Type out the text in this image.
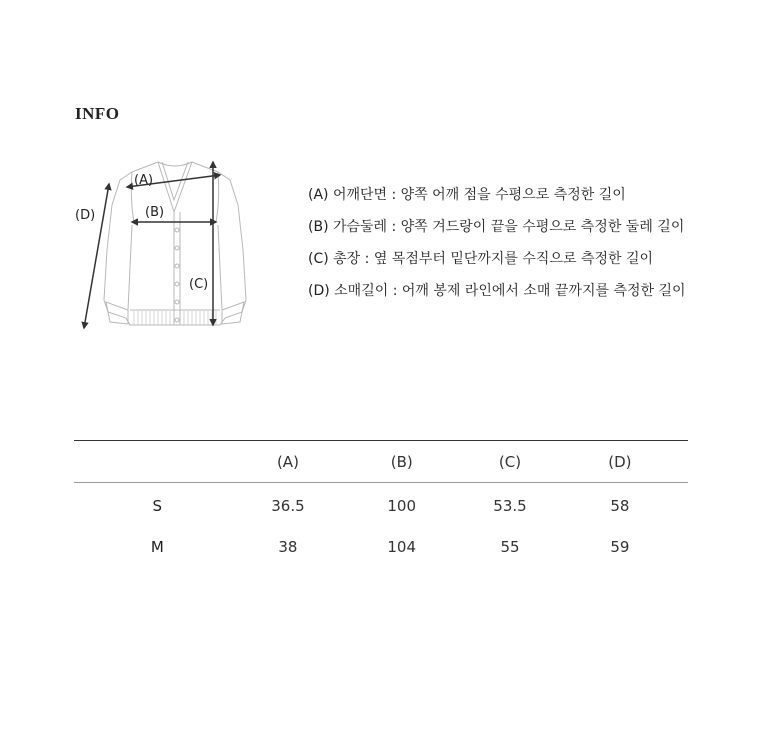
INFO
(A)
(B)
(C)
(D)
(A) 어깨단면 : 양쪽 어깨 점을 수평으로 측정한 길이
(B) 가슴둘레 : 양쪽 겨드랑이 끝을 수평으로 측정한 둘레 길이
(C) 총장 : 옆 목점부터 밑단까지를 수직으로 측정한 길이
(D) 소매길이 : 어깨 봉제 라인에서 소매 끝까지를 측정한 길이
	(A)	(B)	(C)	(D)
S	36.5	100	53.5	58
M	38	104	55	59
